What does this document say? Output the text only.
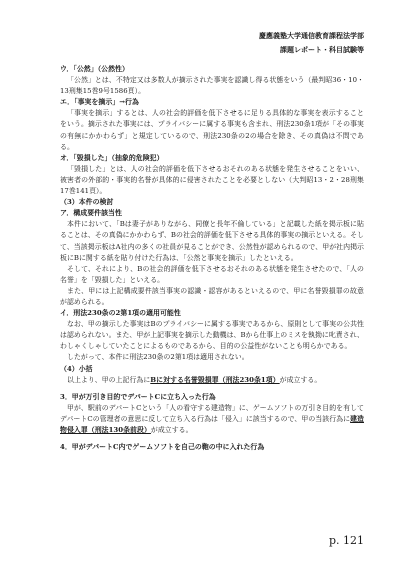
慶應義塾大学通信教育課程法学部
課題レポート・科目試験等

ウ．「公然」（公然性）

「公然」とは、不特定又は多数人が摘示された事実を認識し得る状態をいう（最判昭36・10・13刑集15巻9号1586頁）。

エ．「事実を摘示」→行為

「事実を摘示」するとは、人の社会的評価を低下させるに足りる具体的な事実を表示することをいう。摘示された事実には、プライバシーに属する事実も含まれ、刑法230条1項が「その事実の有無にかかわらず」と規定しているので、刑法230条の2の場合を除き、その真偽は不問である。

オ．「毀損した」（抽象的危険犯）

「毀損した」とは、人の社会的評価を低下させるおそれのある状態を発生させることをいい、被害者の外部的・事実的名誉が具体的に侵害されたことを必要としない（大判昭13・2・28刑集17巻141頁）。

（3）本件の検討

ア．構成要件該当性

本件において、「Bは妻子がありながら、同僚と長年不倫している」と記載した紙を掲示板に貼ることは、その真偽にかかわらず、Bの社会的評価を低下させる具体的事実の摘示といえる。そして、当該掲示板はA社内の多くの社員が見ることができ、公然性が認められるので、甲が社内掲示板にBに関する紙を貼り付けた行為は、「公然と事実を摘示」したといえる。

そして、それにより、Bの社会的評価を低下させるおそれのある状態を発生させたので、「人の名誉」を「毀損した」といえる。

また、甲には上記構成要件該当事実の認識・認容があるといえるので、甲に名誉毀損罪の故意が認められる。

イ．刑法230条の2第1項の適用可能性

なお、甲の摘示した事実はBのプライバシーに属する事実であるから、原則として事実の公共性は認められない。また、甲が上記事実を摘示した動機は、Bから仕事上のミスを執拗に叱責され、わしゃくしゃしていたことによるものであるから、目的の公益性がないことも明らかである。

したがって、本件に刑法230条の2第1項は適用されない。

（4）小括

以上より、甲の上記行為にBに対する名誉毀損罪（刑法230条1項）が成立する。

3．甲が万引き目的でデパートCに立ち入った行為

甲が、駅前のデパートCという「人の看守する建造物」に、ゲームソフトの万引き目的を有してデパートCの管理者の意思に反して立ち入る行為は「侵入」に該当するので、甲の当該行為に建造物侵入罪（刑法130条前段）が成立する。

4．甲がデパートC内でゲームソフトを自己の鞄の中に入れた行為

p. 121
